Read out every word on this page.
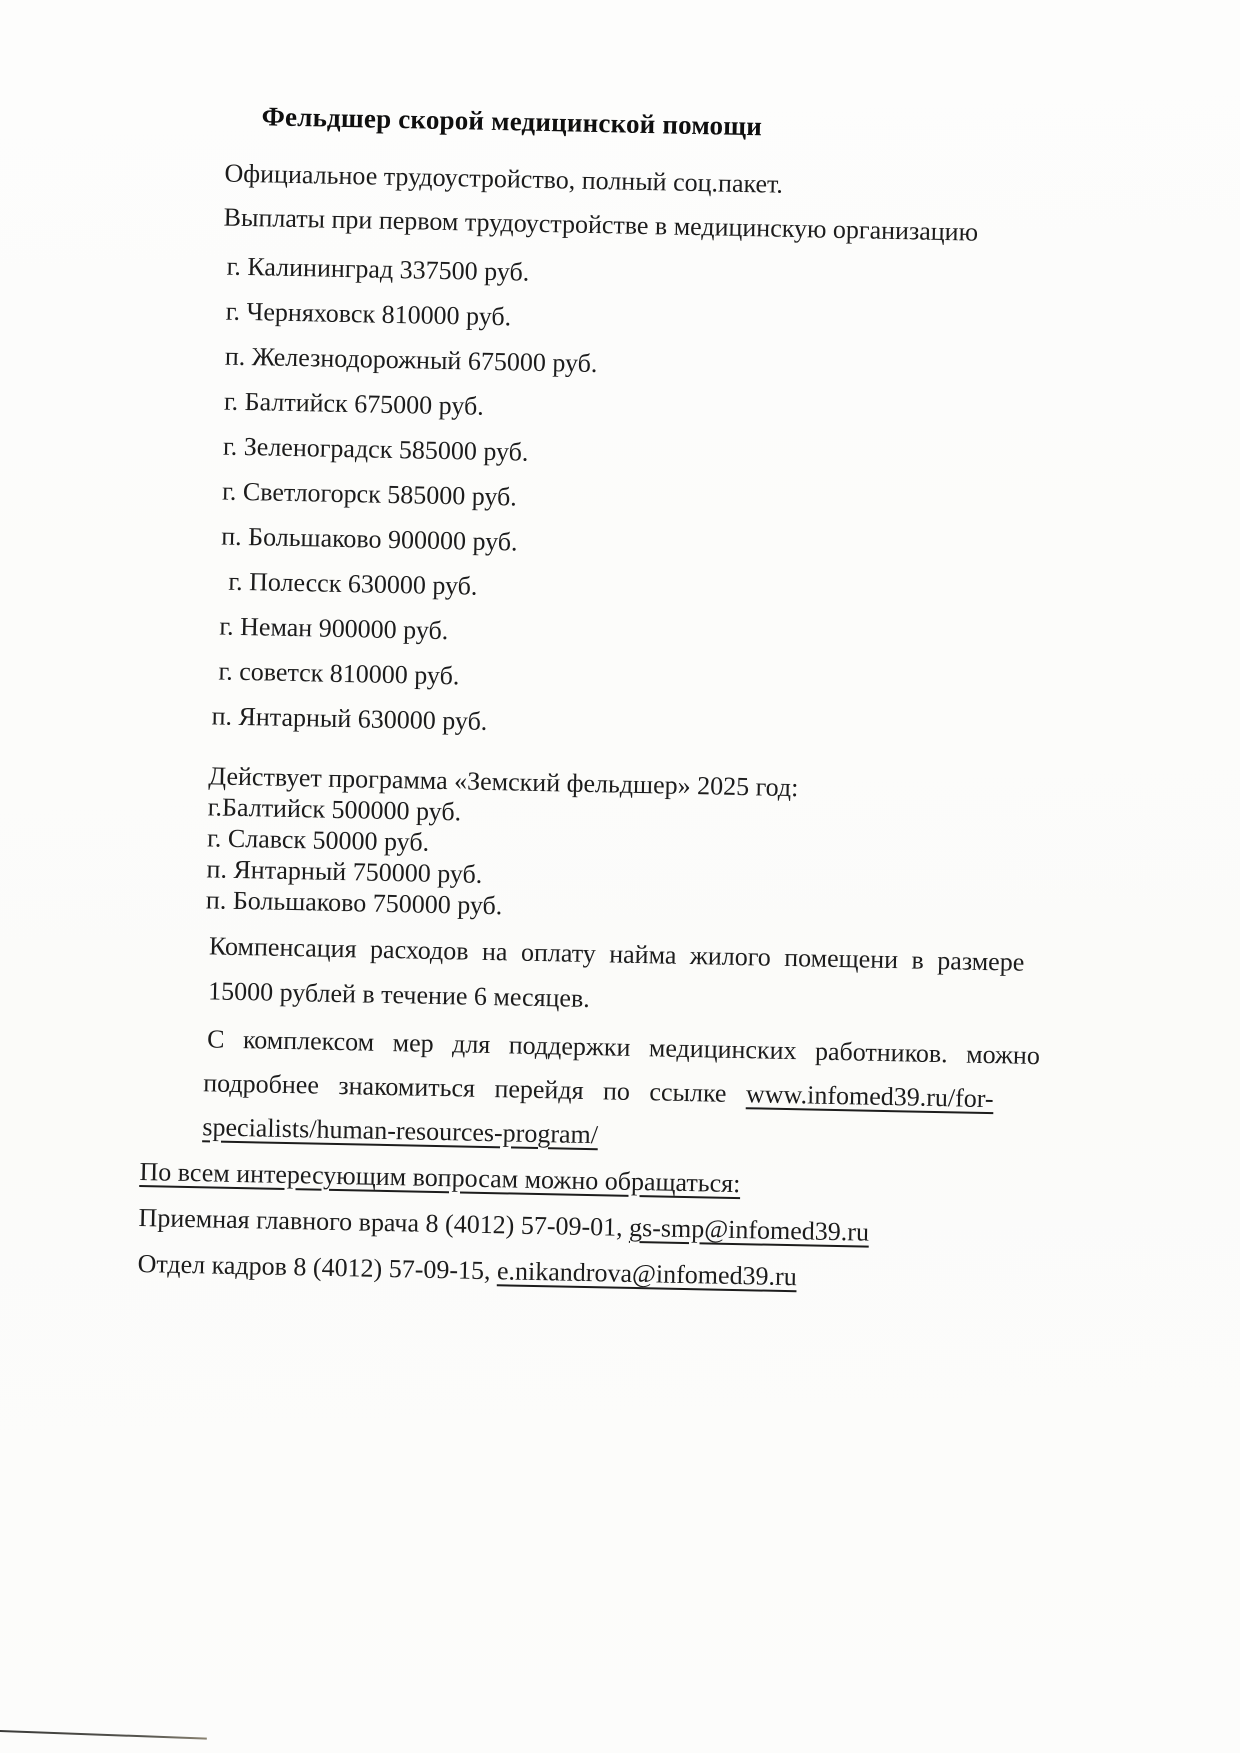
Фельдшер скорой медицинской помощи

Официальное трудоустройство, полный соц.пакет.

Выплаты при первом трудоустройстве в медицинскую организацию

г. Калининград 337500 руб.

г. Черняховск 810000 руб.

п. Железнодорожный 675000 руб.

г. Балтийск 675000 руб.

г. Зеленоградск 585000 руб.

г. Светлогорск 585000 руб.

п. Большаково 900000 руб.

г. Полесск 630000 руб.

г. Неман 900000 руб.

г. советск 810000 руб.

п. Янтарный 630000 руб.

Действует программа «Земский фельдшер» 2025 год:

г.Балтийск 500000 руб.

г. Славск 50000 руб.

п. Янтарный 750000 руб.

п. Большаково 750000 руб.

Компенсация расходов на оплату найма жилого помещени в размере

15000 рублей в течение 6 месяцев.

С комплексом мер для поддержки медицинских работников. можно

подробнее знакомиться перейдя по ссылке www.infomed39.ru/for-

specialists/human-resources-program/

По всем интересующим вопросам можно обращаться:

Приемная главного врача 8 (4012) 57-09-01, gs-smp@infomed39.ru

Отдел кадров 8 (4012) 57-09-15, e.nikandrova@infomed39.ru
